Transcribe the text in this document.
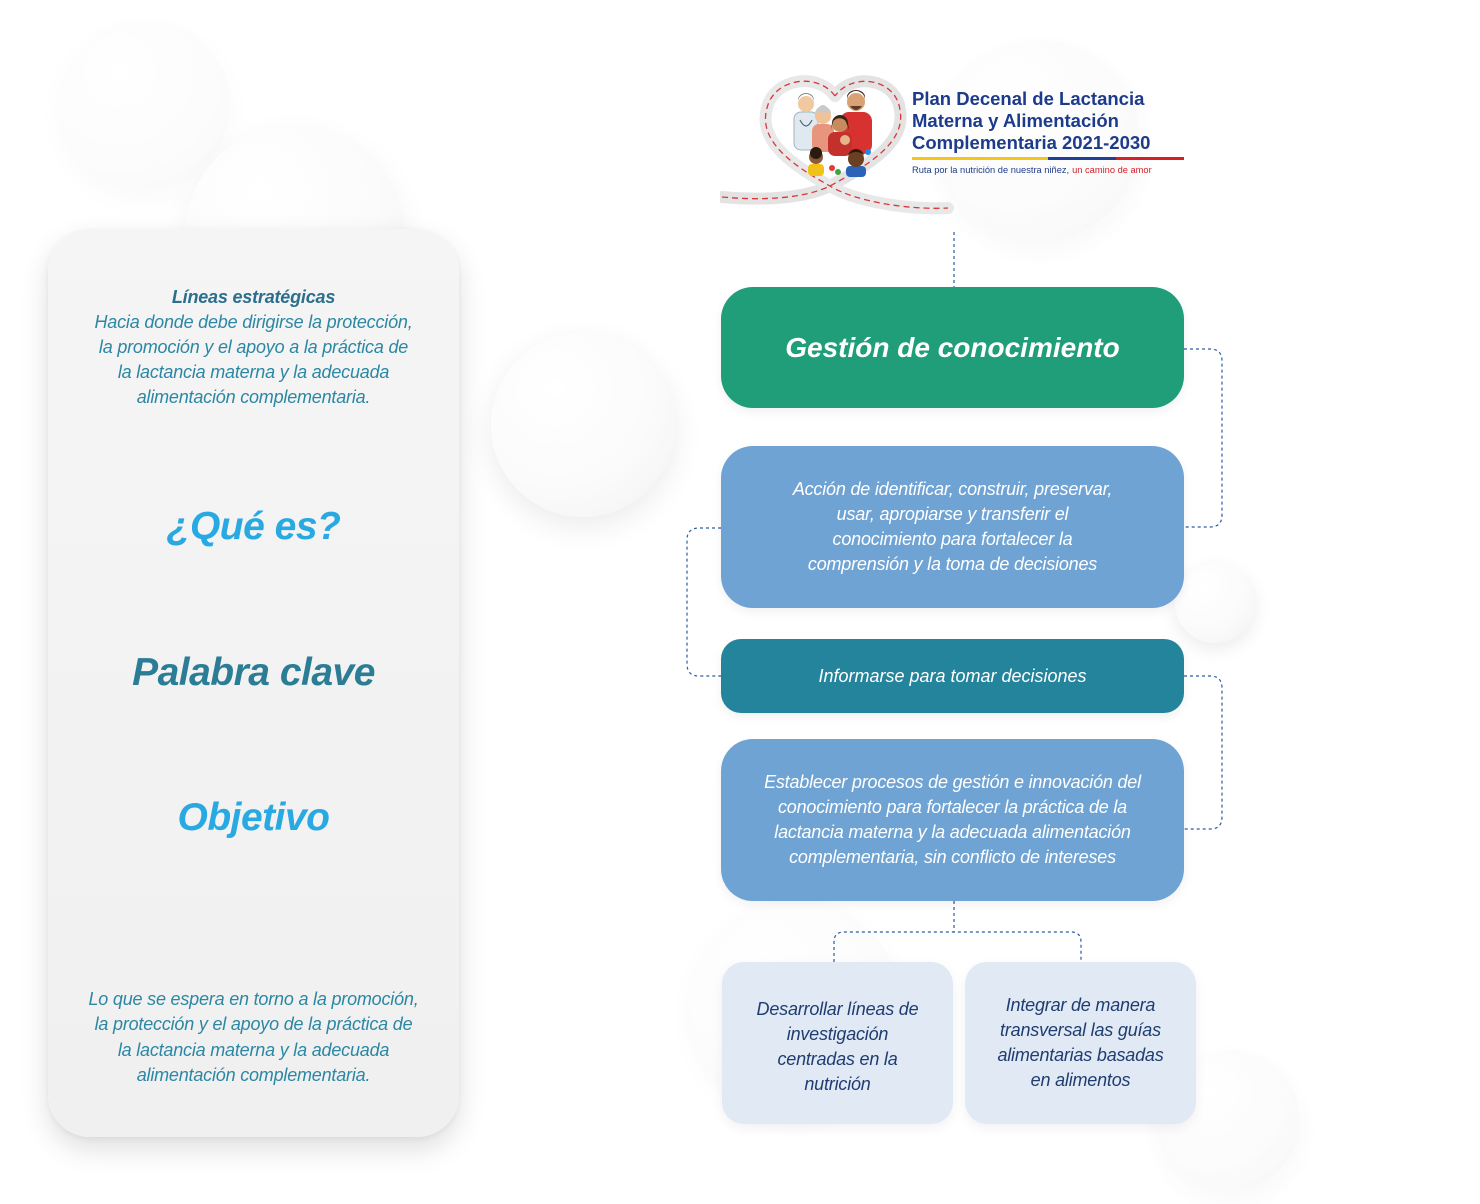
Líneas estratégicas
Hacia donde debe dirigirse la protección,
la promoción y el apoyo a la práctica de
la lactancia materna y la adecuada
alimentación complementaria.
¿Qué es?
Palabra clave
Objetivo
Lo que se espera en torno a la promoción,
la protección y el apoyo de la práctica de
la lactancia materna y la adecuada
alimentación complementaria.
Plan Decenal de Lactancia
Materna y Alimentación
Complementaria 2021-2030
Ruta por la nutrición de nuestra niñez, un camino de amor
Gestión de conocimiento
Acción de identificar, construir, preservar,
usar, apropiarse y transferir el
conocimiento para fortalecer la
comprensión y la toma de decisiones
Informarse para tomar decisiones
Establecer procesos de gestión e innovación del
conocimiento para fortalecer la práctica de la
lactancia materna y la adecuada alimentación
complementaria, sin conflicto de intereses
Desarrollar líneas de
investigación
centradas en la
nutrición
Integrar de manera
transversal las guías
alimentarias basadas
en alimentos
